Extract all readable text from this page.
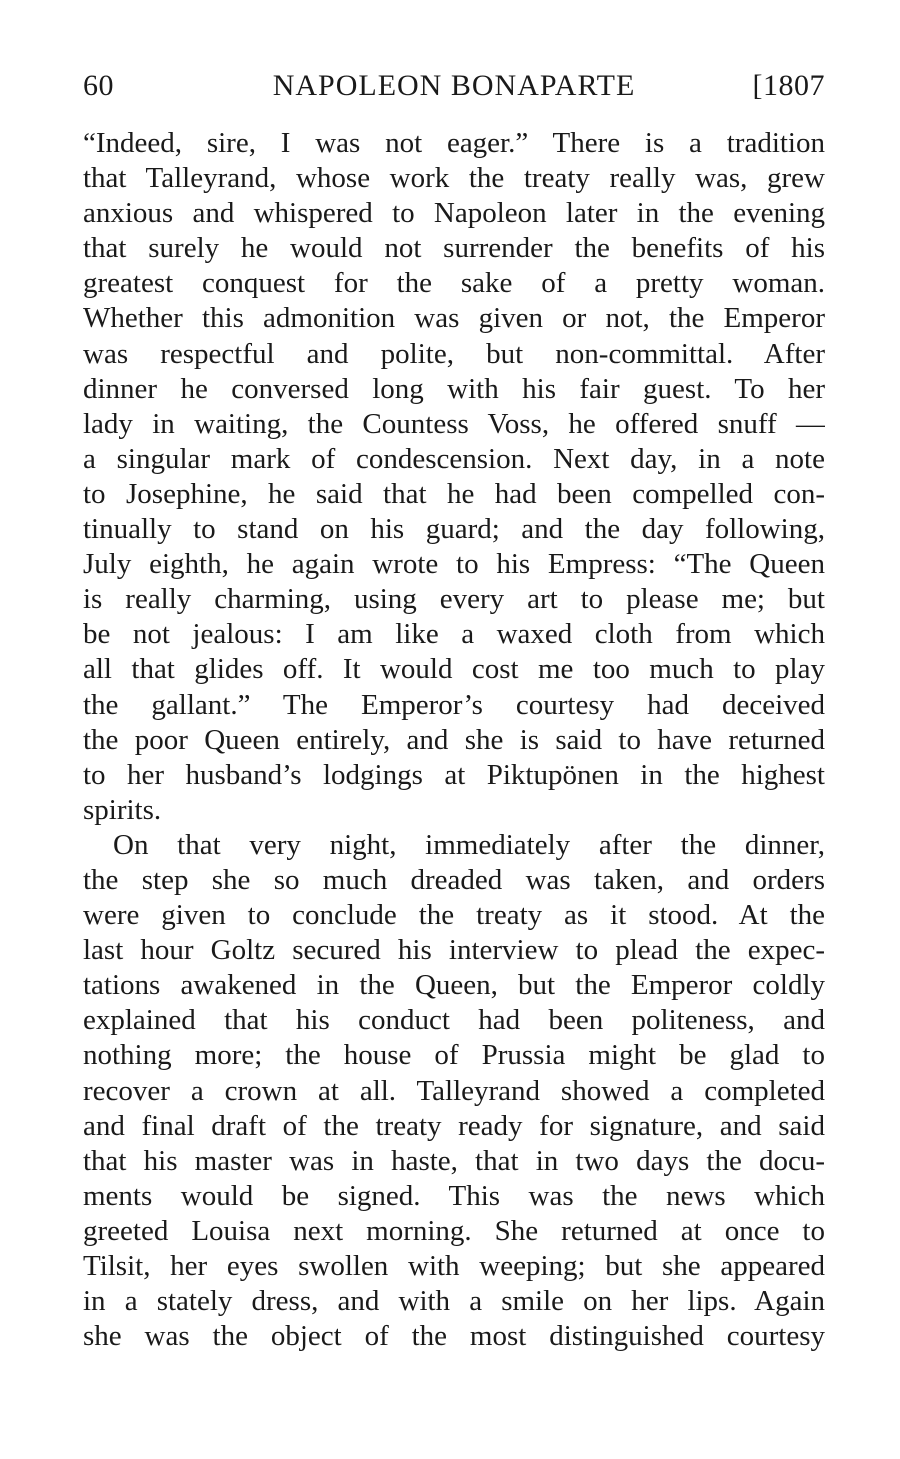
60	NAPOLEON BONAPARTE	[1807
“Indeed, sire, I was not eager.” There is a tradition
that Talleyrand, whose work the treaty really was, grew
anxious and whispered to Napoleon later in the evening
that surely he would not surrender the benefits of his
greatest conquest for the sake of a pretty woman.
Whether this admonition was given or not, the Emperor
was respectful and polite, but non-committal. After
dinner he conversed long with his fair guest. To her
lady in waiting, the Countess Voss, he offered snuff —
a singular mark of condescension. Next day, in a note
to Josephine, he said that he had been compelled con-
tinually to stand on his guard; and the day following,
July eighth, he again wrote to his Empress: “The Queen
is really charming, using every art to please me; but
be not jealous: I am like a waxed cloth from which
all that glides off. It would cost me too much to play
the gallant.” The Emperor’s courtesy had deceived
the poor Queen entirely, and she is said to have returned
to her husband’s lodgings at Piktupönen in the highest
spirits.
On that very night, immediately after the dinner,
the step she so much dreaded was taken, and orders
were given to conclude the treaty as it stood. At the
last hour Goltz secured his interview to plead the expec-
tations awakened in the Queen, but the Emperor coldly
explained that his conduct had been politeness, and
nothing more; the house of Prussia might be glad to
recover a crown at all. Talleyrand showed a completed
and final draft of the treaty ready for signature, and said
that his master was in haste, that in two days the docu-
ments would be signed. This was the news which
greeted Louisa next morning. She returned at once to
Tilsit, her eyes swollen with weeping; but she appeared
in a stately dress, and with a smile on her lips. Again
she was the object of the most distinguished courtesy
